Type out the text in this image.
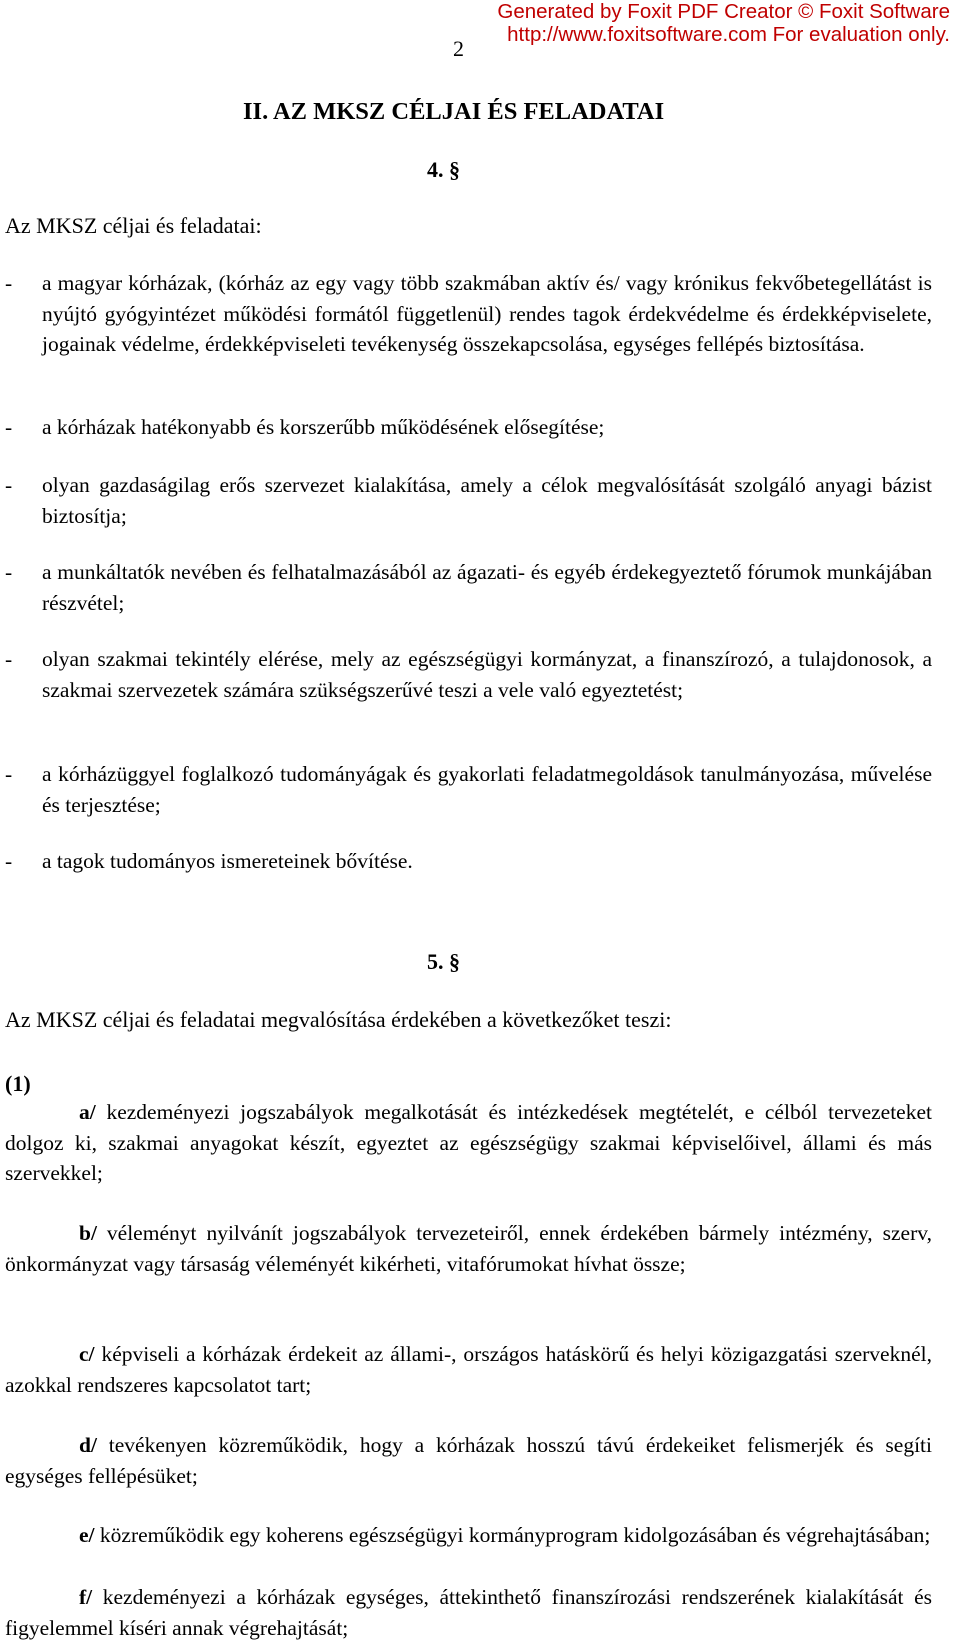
Generated by Foxit PDF Creator © Foxit Software
http://www.foxitsoftware.com For evaluation only.
2
II. AZ MKSZ CÉLJAI ÉS FELADATAI
4. §
Az MKSZ céljai és feladatai:
- a magyar kórházak, (kórház az egy vagy több szakmában aktív és/ vagy krónikus fekvőbetegellátást is nyújtó gyógyintézet működési formától függetlenül) rendes tagok érdekvédelme és érdekképviselete, jogainak védelme, érdekképviseleti tevékenység összekapcsolása, egységes fellépés biztosítása.
- a kórházak hatékonyabb és korszerűbb működésének elősegítése;
- olyan gazdaságilag erős szervezet kialakítása, amely a célok megvalósítását szolgáló anyagi bázist biztosítja;
- a munkáltatók nevében és felhatalmazásából az ágazati- és egyéb érdekegyeztető fórumok munkájában részvétel;
- olyan szakmai tekintély elérése, mely az egészségügyi kormányzat, a finanszírozó, a tulajdonosok, a szakmai szervezetek számára szükségszerűvé teszi a vele való egyeztetést;
- a kórházüggyel foglalkozó tudományágak és gyakorlati feladatmegoldások tanulmányozása, művelése és terjesztése;
- a tagok tudományos ismereteinek bővítése.
5. §
Az MKSZ céljai és feladatai megvalósítása érdekében a következőket teszi:
(1)
a/ kezdeményezi jogszabályok megalkotását és intézkedések megtételét, e célból tervezeteket dolgoz ki, szakmai anyagokat készít, egyeztet az egészségügy szakmai képviselőivel, állami és más szervekkel;
b/ véleményt nyilvánít jogszabályok tervezeteiről, ennek érdekében bármely intézmény, szerv, önkormányzat vagy társaság véleményét kikérheti, vitafórumokat hívhat össze;
c/ képviseli a kórházak érdekeit az állami-, országos hatáskörű és helyi közigazgatási szerveknél, azokkal rendszeres kapcsolatot tart;
d/ tevékenyen közreműködik, hogy a kórházak hosszú távú érdekeiket felismerjék és segíti egységes fellépésüket;
e/ közreműködik egy koherens egészségügyi kormányprogram kidolgozásában és végrehajtásában;
f/ kezdeményezi a kórházak egységes, áttekinthető finanszírozási rendszerének kialakítását és figyelemmel kíséri annak végrehajtását;
